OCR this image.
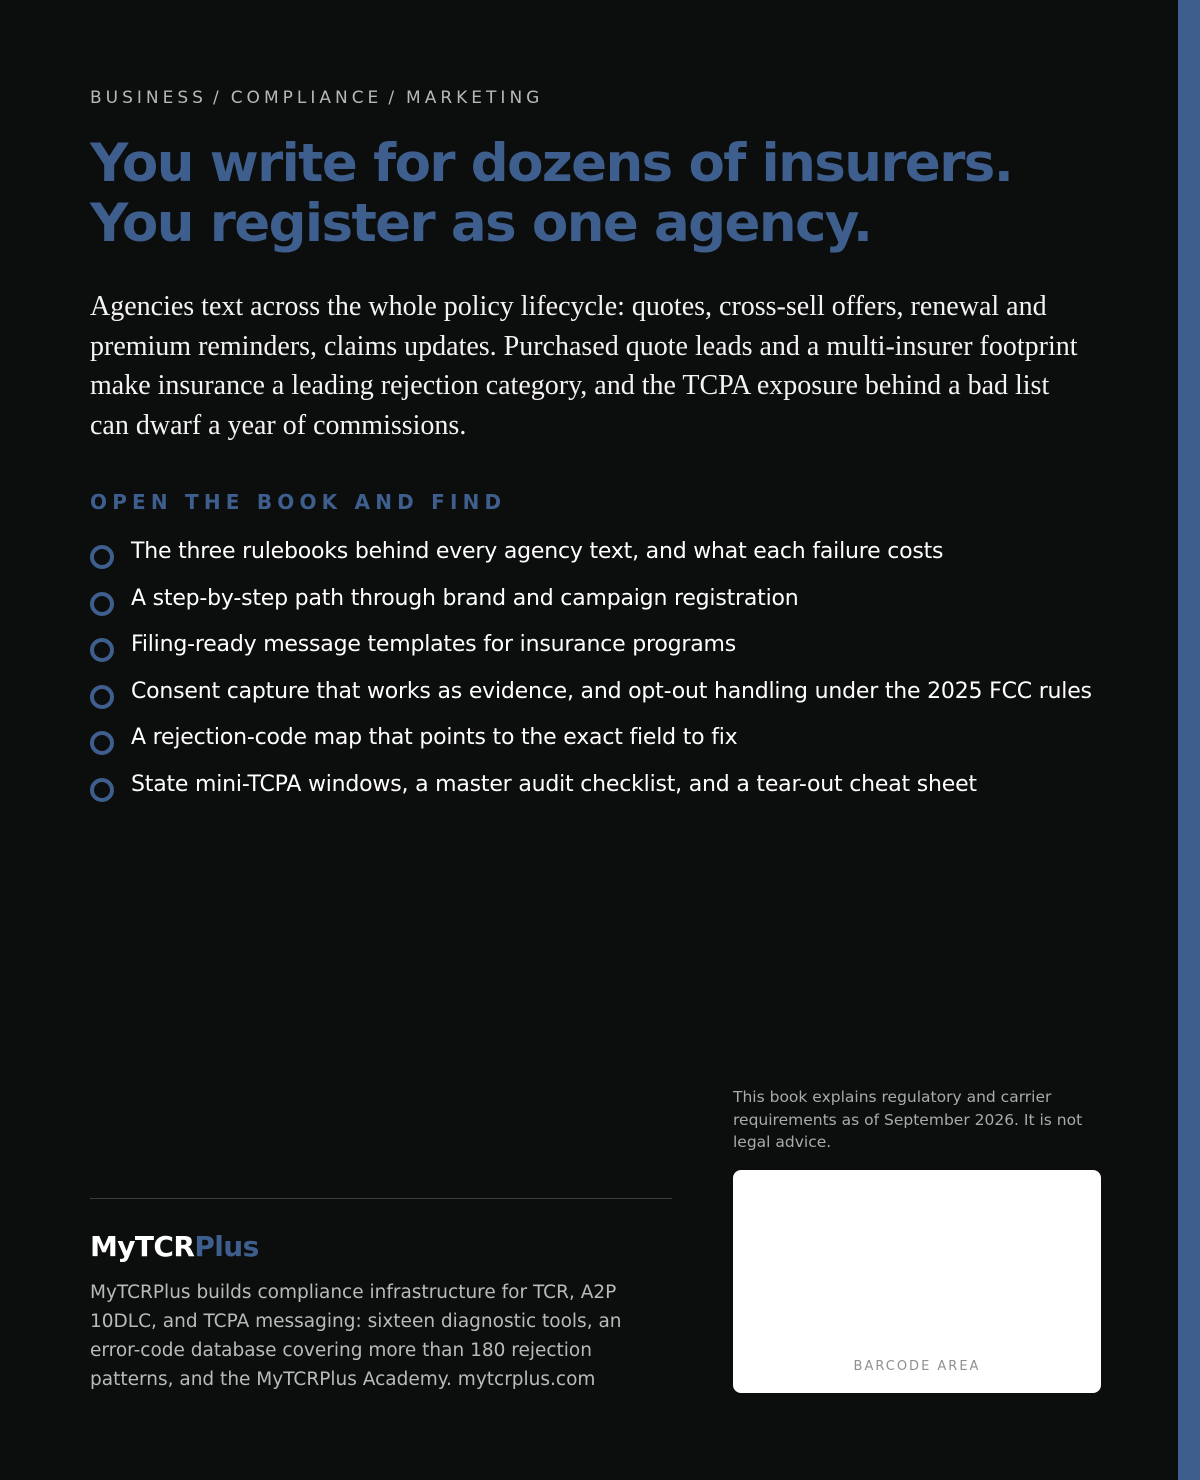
BUSINESS / COMPLIANCE / MARKETING
You write for dozens of insurers. You register as one agency.

Agencies text across the whole policy lifecycle: quotes, cross-sell offers, renewal and premium reminders, claims updates. Purchased quote leads and a multi-insurer footprint make insurance a leading rejection category, and the TCPA exposure behind a bad list can dwarf a year of commissions.

OPEN THE BOOK AND FIND
The three rulebooks behind every agency text, and what each failure costs
A step-by-step path through brand and campaign registration
Filing-ready message templates for insurance programs
Consent capture that works as evidence, and opt-out handling under the 2025 FCC rules
A rejection-code map that points to the exact field to fix
State mini-TCPA windows, a master audit checklist, and a tear-out cheat sheet

This book explains regulatory and carrier requirements as of September 2026. It is not legal advice.

BARCODE AREA
MyTCRPlus

MyTCRPlus builds compliance infrastructure for TCR, A2P 10DLC, and TCPA messaging: sixteen diagnostic tools, an error-code database covering more than 180 rejection patterns, and the MyTCRPlus Academy. mytcrplus.com
